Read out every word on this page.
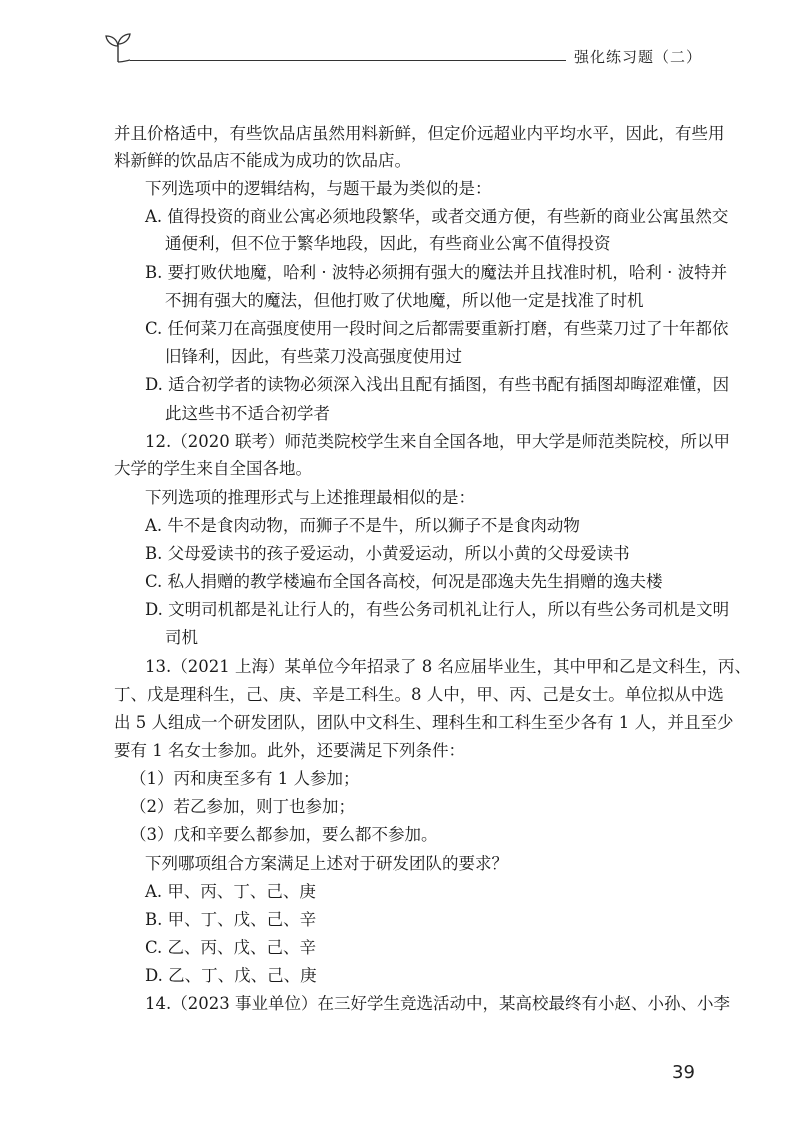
强化练习题（二）
并且价格适中，有些饮品店虽然用料新鲜，但定价远超业内平均水平，因此，有些用
料新鲜的饮品店不能成为成功的饮品店。
下列选项中的逻辑结构，与题干最为类似的是：
A. 值得投资的商业公寓必须地段繁华，或者交通方便，有些新的商业公寓虽然交
通便利，但不位于繁华地段，因此，有些商业公寓不值得投资
B. 要打败伏地魔，哈利 · 波特必须拥有强大的魔法并且找准时机，哈利 · 波特并
不拥有强大的魔法，但他打败了伏地魔，所以他一定是找准了时机
C. 任何菜刀在高强度使用一段时间之后都需要重新打磨，有些菜刀过了十年都依
旧锋利，因此，有些菜刀没高强度使用过
D. 适合初学者的读物必须深入浅出且配有插图，有些书配有插图却晦涩难懂，因
此这些书不适合初学者
12.（2020 联考）师范类院校学生来自全国各地，甲大学是师范类院校，所以甲
大学的学生来自全国各地。
下列选项的推理形式与上述推理最相似的是：
A. 牛不是食肉动物，而狮子不是牛，所以狮子不是食肉动物
B. 父母爱读书的孩子爱运动，小黄爱运动，所以小黄的父母爱读书
C. 私人捐赠的教学楼遍布全国各高校，何况是邵逸夫先生捐赠的逸夫楼
D. 文明司机都是礼让行人的，有些公务司机礼让行人，所以有些公务司机是文明
司机
13.（2021 上海）某单位今年招录了 8 名应届毕业生，其中甲和乙是文科生，丙、
丁、戊是理科生，己、庚、辛是工科生。8 人中，甲、丙、己是女士。单位拟从中选
出 5 人组成一个研发团队，团队中文科生、理科生和工科生至少各有 1 人，并且至少
要有 1 名女士参加。此外，还要满足下列条件：
（1）丙和庚至多有 1 人参加；
（2）若乙参加，则丁也参加；
（3）戊和辛要么都参加，要么都不参加。
下列哪项组合方案满足上述对于研发团队的要求？
A. 甲、丙、丁、己、庚
B. 甲、丁、戊、己、辛
C. 乙、丙、戊、己、辛
D. 乙、丁、戊、己、庚
14.（2023 事业单位）在三好学生竞选活动中，某高校最终有小赵、小孙、小李
39
